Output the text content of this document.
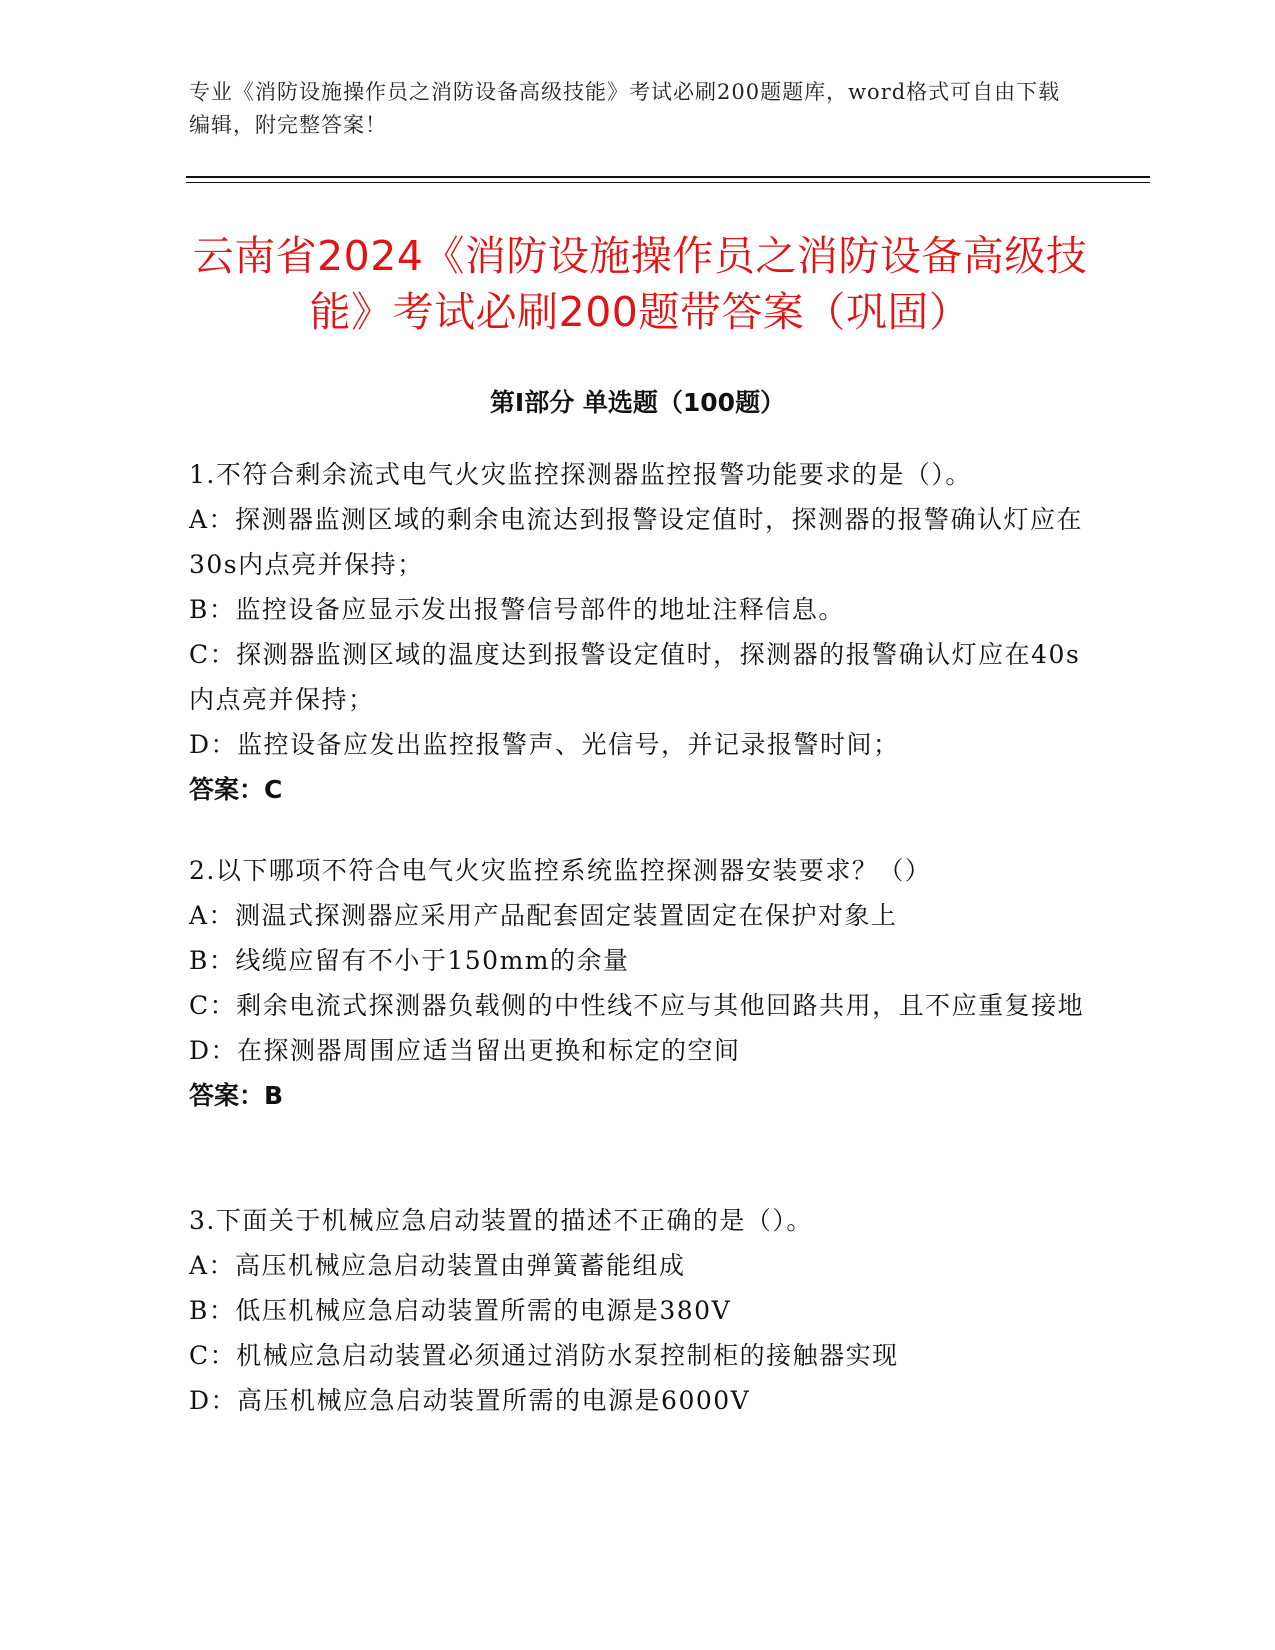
专业《消防设施操作员之消防设备高级技能》考试必刷200题题库，word格式可自由下载编辑，附完整答案！
云南省2024《消防设施操作员之消防设备高级技能》考试必刷200题带答案（巩固）
第I部分 单选题（100题）

1.不符合剩余流式电气火灾监控探测器监控报警功能要求的是（）。

A：探测器监测区域的剩余电流达到报警设定值时，探测器的报警确认灯应在30s内点亮并保持；

B：监控设备应显示发出报警信号部件的地址注释信息。

C：探测器监测区域的温度达到报警设定值时，探测器的报警确认灯应在40s内点亮并保持；

D：监控设备应发出监控报警声、光信号，并记录报警时间；

答案：C

2.以下哪项不符合电气火灾监控系统监控探测器安装要求？（）

A：测温式探测器应采用产品配套固定装置固定在保护对象上

B：线缆应留有不小于150mm的余量

C：剩余电流式探测器负载侧的中性线不应与其他回路共用，且不应重复接地

D：在探测器周围应适当留出更换和标定的空间

答案：B

3.下面关于机械应急启动装置的描述不正确的是（）。

A：高压机械应急启动装置由弹簧蓄能组成

B：低压机械应急启动装置所需的电源是380V

C：机械应急启动装置必须通过消防水泵控制柜的接触器实现

D：高压机械应急启动装置所需的电源是6000V
